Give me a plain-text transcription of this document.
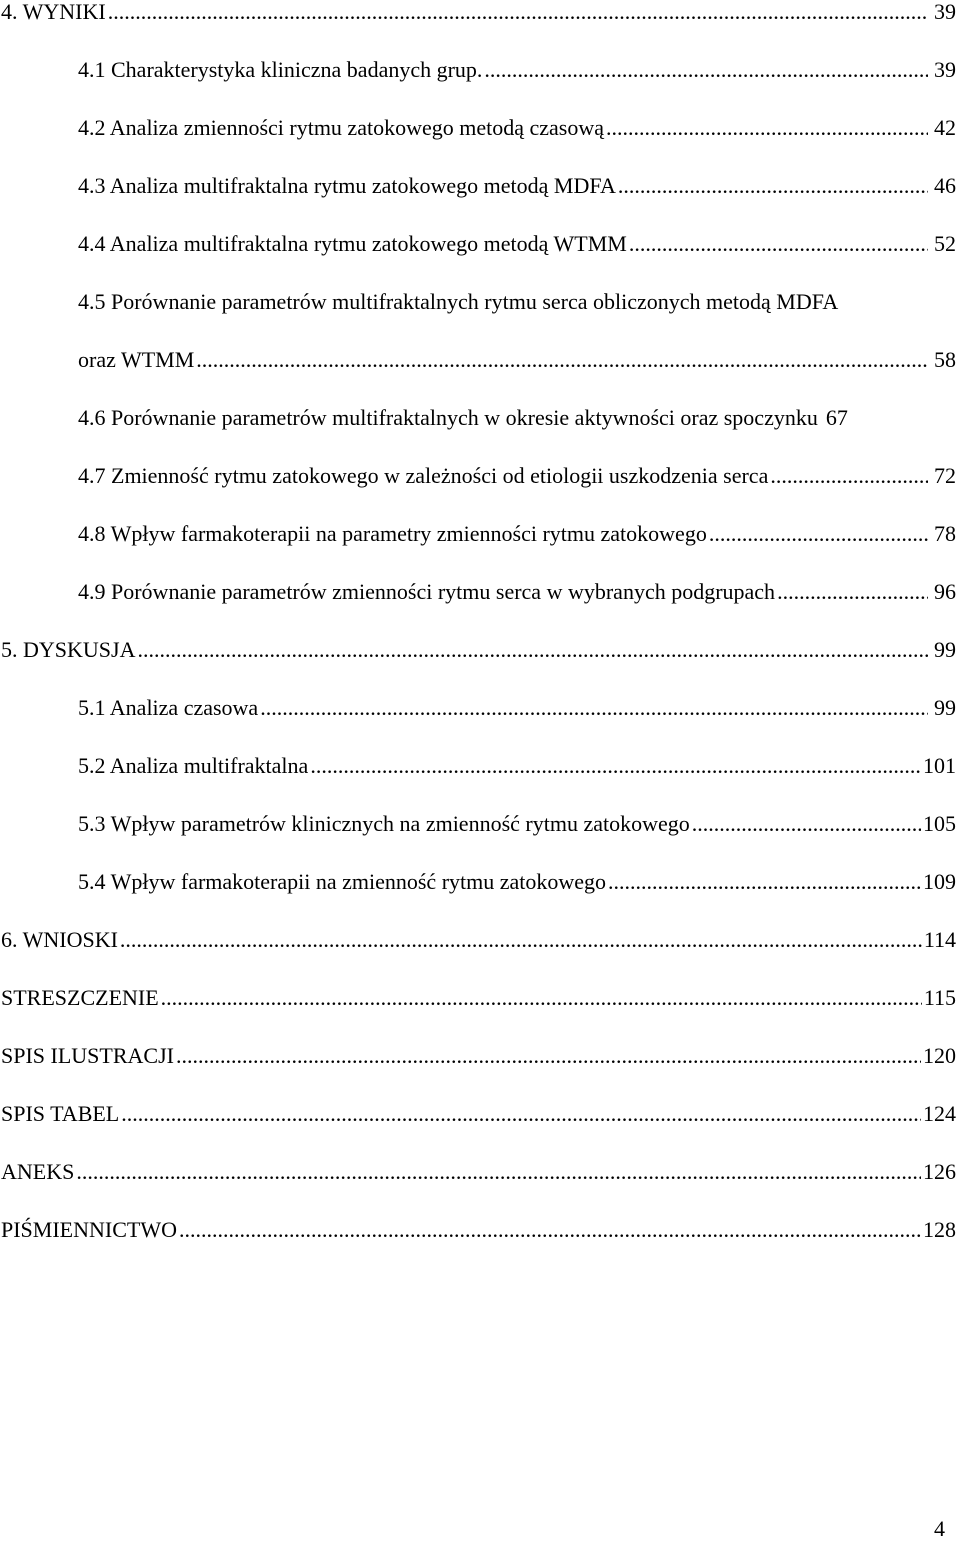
4. WYNIKI .....	39
4.1 Charakterystyka kliniczna badanych grup. .....	39
4.2 Analiza zmienności rytmu zatokowego metodą czasową .....	42
4.3 Analiza multifraktalna rytmu zatokowego metodą MDFA .....	46
4.4 Analiza multifraktalna rytmu zatokowego metodą WTMM .....	52
4.5 Porównanie parametrów multifraktalnych rytmu serca obliczonych metodą MDFA
oraz WTMM .....	58
4.6 Porównanie parametrów multifraktalnych w okresie aktywności oraz spoczynku 67
4.7 Zmienność rytmu zatokowego w zależności od etiologii uszkodzenia serca .....	72
4.8 Wpływ farmakoterapii na parametry zmienności rytmu zatokowego .....	78
4.9 Porównanie parametrów zmienności rytmu serca w wybranych podgrupach .....	96
5. DYSKUSJA .....	99
5.1 Analiza czasowa .....	99
5.2 Analiza multifraktalna .....	101
5.3 Wpływ parametrów klinicznych na zmienność rytmu zatokowego .....	105
5.4 Wpływ farmakoterapii na zmienność rytmu zatokowego .....	109
6. WNIOSKI .....	114
STRESZCZENIE .....	115
SPIS ILUSTRACJI .....	120
SPIS TABEL .....	124
ANEKS .....	126
PIŚMIENNICTWO .....	128
4
